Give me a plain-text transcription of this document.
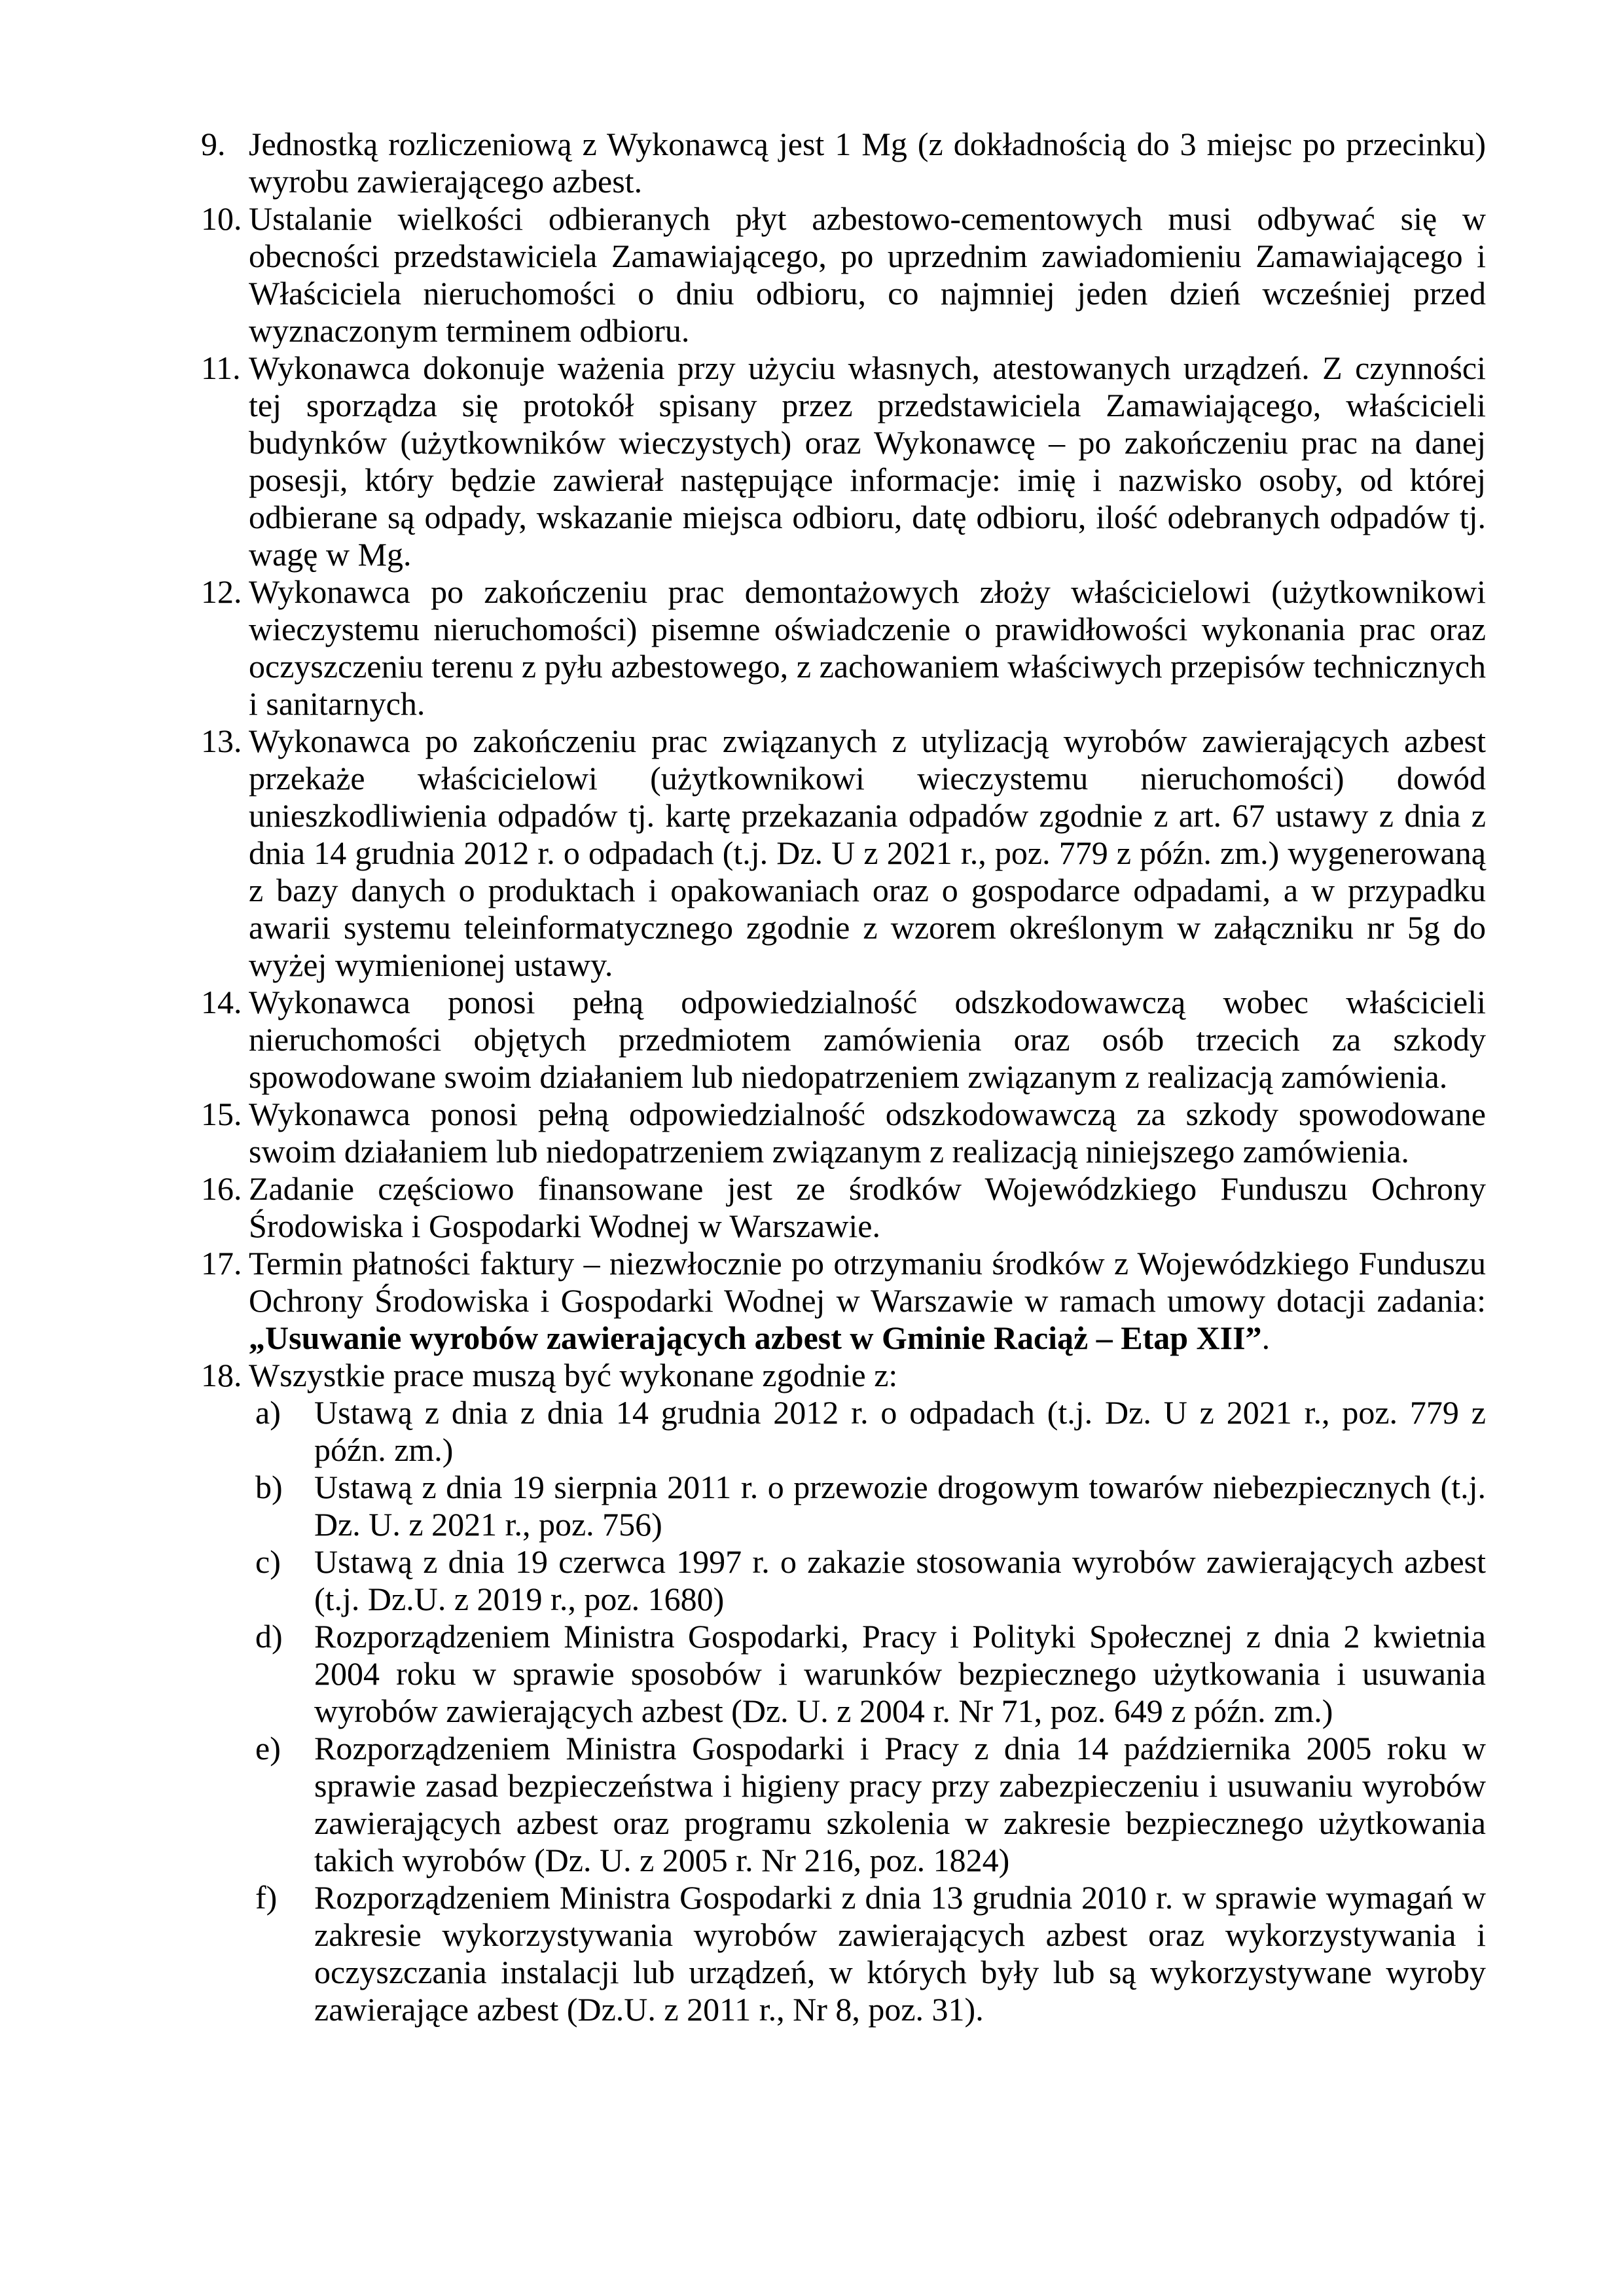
9. Jednostką rozliczeniową z Wykonawcą jest 1 Mg (z dokładnością do 3 miejsc po przecinku) wyrobu zawierającego azbest.
10. Ustalanie wielkości odbieranych płyt azbestowo-cementowych musi odbywać się w obecności przedstawiciela Zamawiającego, po uprzednim zawiadomieniu Zamawiającego i Właściciela nieruchomości o dniu odbioru, co najmniej jeden dzień wcześniej przed wyznaczonym terminem odbioru.
11. Wykonawca dokonuje ważenia przy użyciu własnych, atestowanych urządzeń. Z czynności tej sporządza się protokół spisany przez przedstawiciela Zamawiającego, właścicieli budynków (użytkowników wieczystych) oraz Wykonawcę – po zakończeniu prac na danej posesji, który będzie zawierał następujące informacje: imię i nazwisko osoby, od której odbierane są odpady, wskazanie miejsca odbioru, datę odbioru, ilość odebranych odpadów tj. wagę w Mg.
12. Wykonawca po zakończeniu prac demontażowych złoży właścicielowi (użytkownikowi wieczystemu nieruchomości) pisemne oświadczenie o prawidłowości wykonania prac oraz oczyszczeniu terenu z pyłu azbestowego, z zachowaniem właściwych przepisów technicznych i sanitarnych.
13. Wykonawca po zakończeniu prac związanych z utylizacją wyrobów zawierających azbest przekaże właścicielowi (użytkownikowi wieczystemu nieruchomości) dowód unieszkodliwienia odpadów tj. kartę przekazania odpadów zgodnie z art. 67 ustawy z dnia z dnia 14 grudnia 2012 r. o odpadach (t.j. Dz. U z 2021 r., poz. 779 z późn. zm.) wygenerowaną z bazy danych o produktach i opakowaniach oraz o gospodarce odpadami, a w przypadku awarii systemu teleinformatycznego zgodnie z wzorem określonym w załączniku nr 5g do wyżej wymienionej ustawy.
14. Wykonawca ponosi pełną odpowiedzialność odszkodowawczą wobec właścicieli nieruchomości objętych przedmiotem zamówienia oraz osób trzecich za szkody spowodowane swoim działaniem lub niedopatrzeniem związanym z realizacją zamówienia.
15. Wykonawca ponosi pełną odpowiedzialność odszkodowawczą za szkody spowodowane swoim działaniem lub niedopatrzeniem związanym z realizacją niniejszego zamówienia.
16. Zadanie częściowo finansowane jest ze środków Wojewódzkiego Funduszu Ochrony Środowiska i Gospodarki Wodnej w Warszawie.
17. Termin płatności faktury – niezwłocznie po otrzymaniu środków z Wojewódzkiego Funduszu Ochrony Środowiska i Gospodarki Wodnej w Warszawie w ramach umowy dotacji zadania: „Usuwanie wyrobów zawierających azbest w Gminie Raciąż – Etap XII”.
18. Wszystkie prace muszą być wykonane zgodnie z:
a)	Ustawą z dnia z dnia 14 grudnia 2012 r. o odpadach (t.j. Dz. U z 2021 r., poz. 779 z późn. zm.)
b) Ustawą z dnia 19 sierpnia 2011 r. o przewozie drogowym towarów niebezpiecznych (t.j. Dz. U. z 2021 r., poz. 756)
c)	Ustawą z dnia 19 czerwca 1997 r. o zakazie stosowania wyrobów zawierających azbest (t.j. Dz.U. z 2019 r., poz. 1680)
d) Rozporządzeniem Ministra Gospodarki, Pracy i Polityki Społecznej z dnia 2 kwietnia 2004 roku w sprawie sposobów i warunków bezpiecznego użytkowania i usuwania wyrobów zawierających azbest (Dz. U. z 2004 r. Nr 71, poz. 649 z późn. zm.)
e)	Rozporządzeniem Ministra Gospodarki i Pracy z dnia 14 października 2005 roku w sprawie zasad bezpieczeństwa i higieny pracy przy zabezpieczeniu i usuwaniu wyrobów zawierających azbest oraz programu szkolenia w zakresie bezpiecznego użytkowania takich wyrobów (Dz. U. z 2005 r. Nr 216, poz. 1824)
f)	Rozporządzeniem Ministra Gospodarki z dnia 13 grudnia 2010 r. w sprawie wymagań w zakresie wykorzystywania wyrobów zawierających azbest oraz wykorzystywania i oczyszczania instalacji lub urządzeń, w których były lub są wykorzystywane wyroby zawierające azbest (Dz.U. z 2011 r., Nr 8, poz. 31).
